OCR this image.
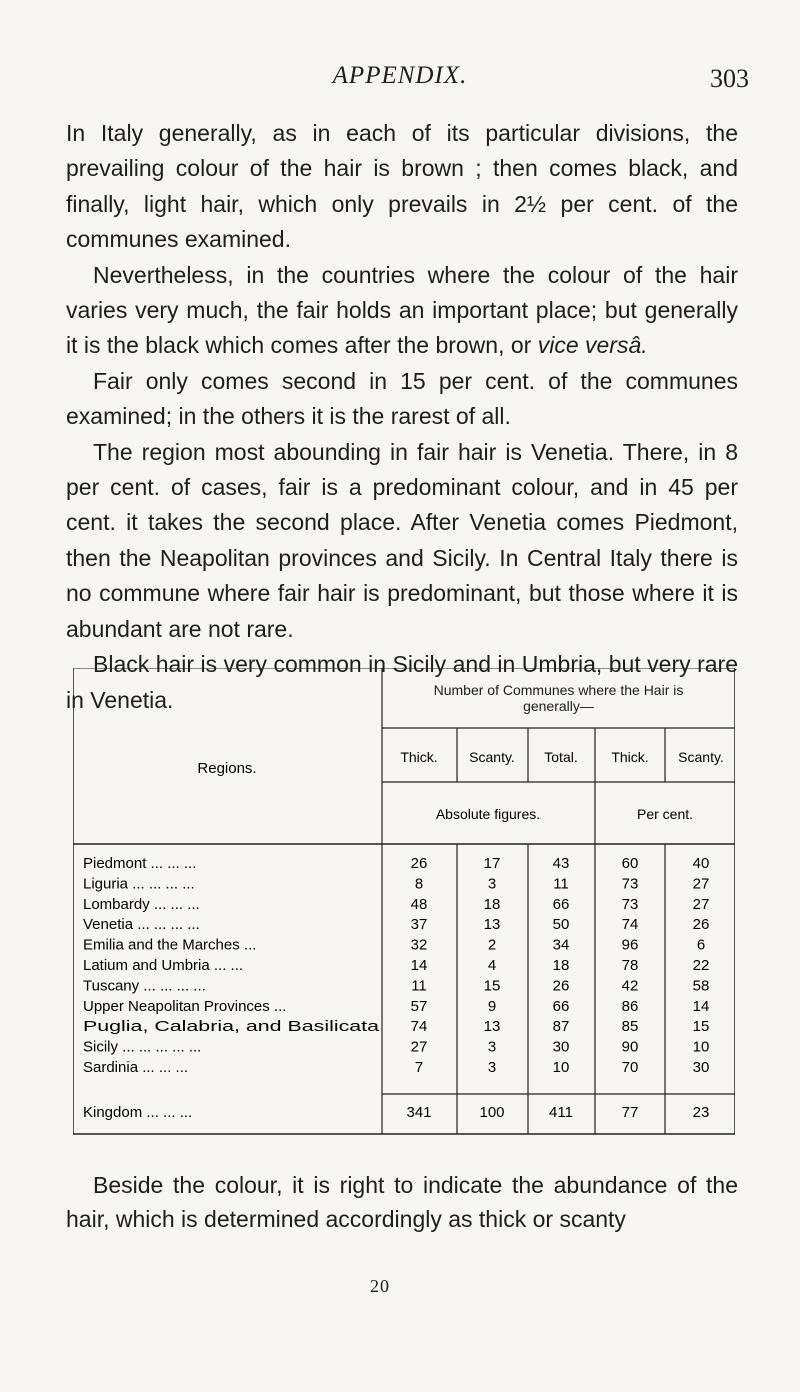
APPENDIX.	303

In Italy generally, as in each of its particular divisions, the prevailing colour of the hair is brown ; then comes black, and finally, light hair, which only prevails in 2½ per cent. of the communes examined.

Nevertheless, in the countries where the colour of the hair varies very much, the fair holds an important place; but generally it is the black which comes after the brown, or vice versâ.

Fair only comes second in 15 per cent. of the communes examined; in the others it is the rarest of all.

The region most abounding in fair hair is Venetia. There, in 8 per cent. of cases, fair is a predominant colour, and in 45 per cent. it takes the second place. After Venetia comes Piedmont, then the Neapolitan provinces and Sicily. In Central Italy there is no commune where fair hair is predominant, but those where it is abundant are not rare.

Black hair is very common in Sicily and in Umbria, but very rare in Venetia.

Regions.
Number of Communes where the Hair is generally—
Thick. Scanty. Total. Thick. Scanty.
Absolute figures.	Per cent.
Piedmont ... ... ...	26	17	43	60	40
Liguria ... ... ... ...	8	3	11	73	27
Lombardy ... ... ...	48	18	66	73	27
Venetia ... ... ... ...	37	13	50	74	26
Emilia and the Marches ...	32	2	34	96	6
Latium and Umbria ... ...	14	4	18	78	22
Tuscany ... ... ... ...	11	15	26	42	58
Upper Neapolitan Provinces ...	57	9	66	86	14
Puglia, Calabria, and Basilicata 74	13	87	85	15
Sicily ... ... ... ... ...	27	3	30	90	10
Sardinia ... ... ...	7	3	10	70	30
Kingdom ... ... ...	341	100	411	77	23

Beside the colour, it is right to indicate the abundance of the hair, which is determined accordingly as thick or scanty

20
